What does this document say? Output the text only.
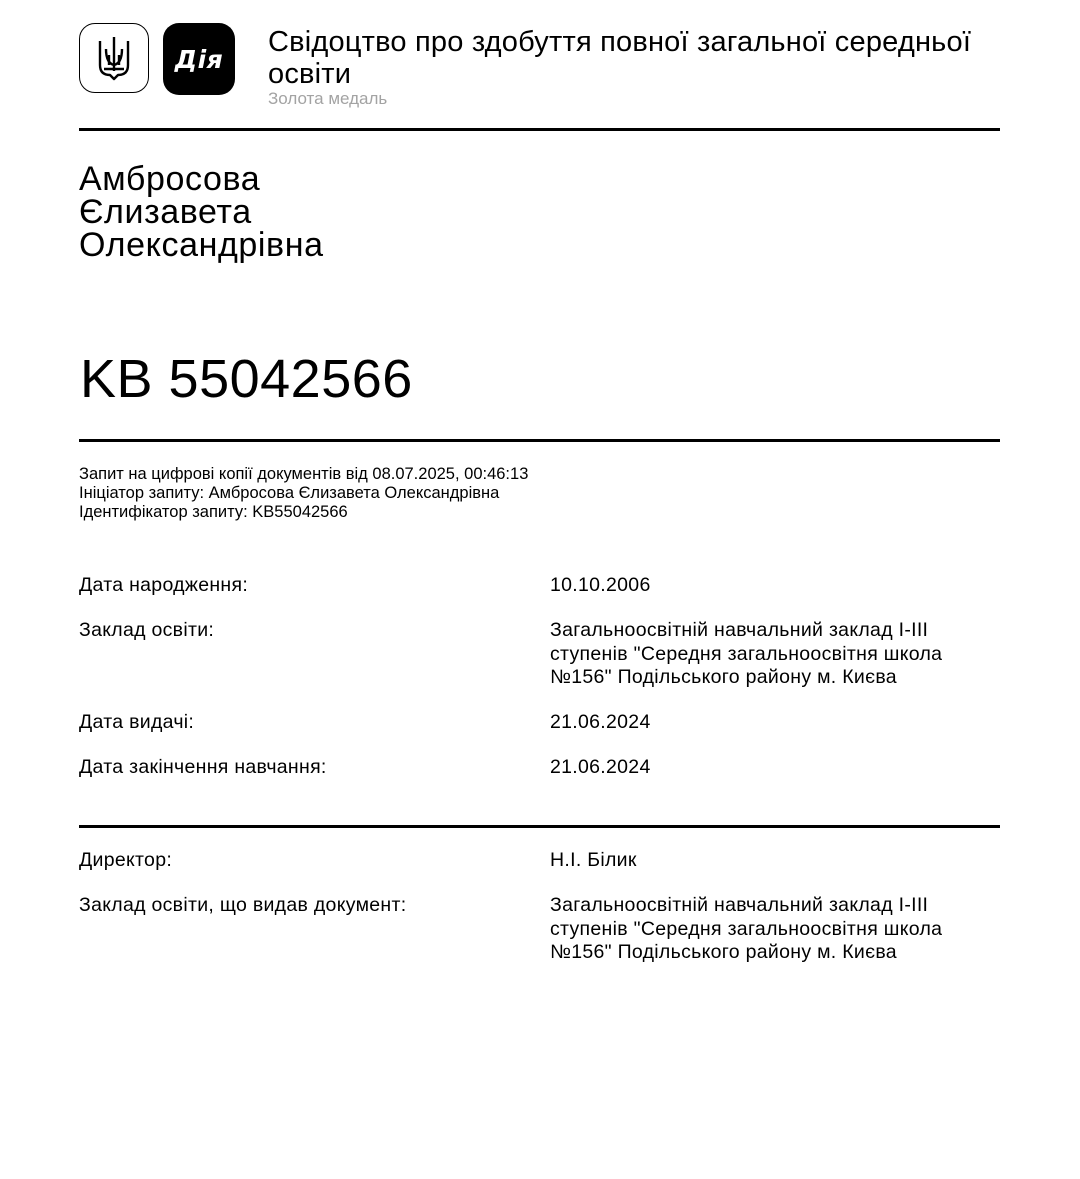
Дія
Свідоцтво про здобуття повної загальної середньої освіти
Золота медаль
Амбросова
Єлизавета
Олександрівна
KB 55042566
Запит на цифрові копії документів від 08.07.2025, 00:46:13
Ініціатор запиту: Амбросова Єлизавета Олександрівна
Ідентифікатор запиту: KB55042566
Дата народження:	10.10.2006
Заклад освіти:	Загальноосвітній навчальний заклад І-ІІІ ступенів "Середня загальноосвітня школа №156" Подільського району м. Києва
Дата видачі:	21.06.2024
Дата закінчення навчання:	21.06.2024
Директор:	Н.І. Білик
Заклад освіти, що видав документ:	Загальноосвітній навчальний заклад І-ІІІ ступенів "Середня загальноосвітня школа №156" Подільського району м. Києва
